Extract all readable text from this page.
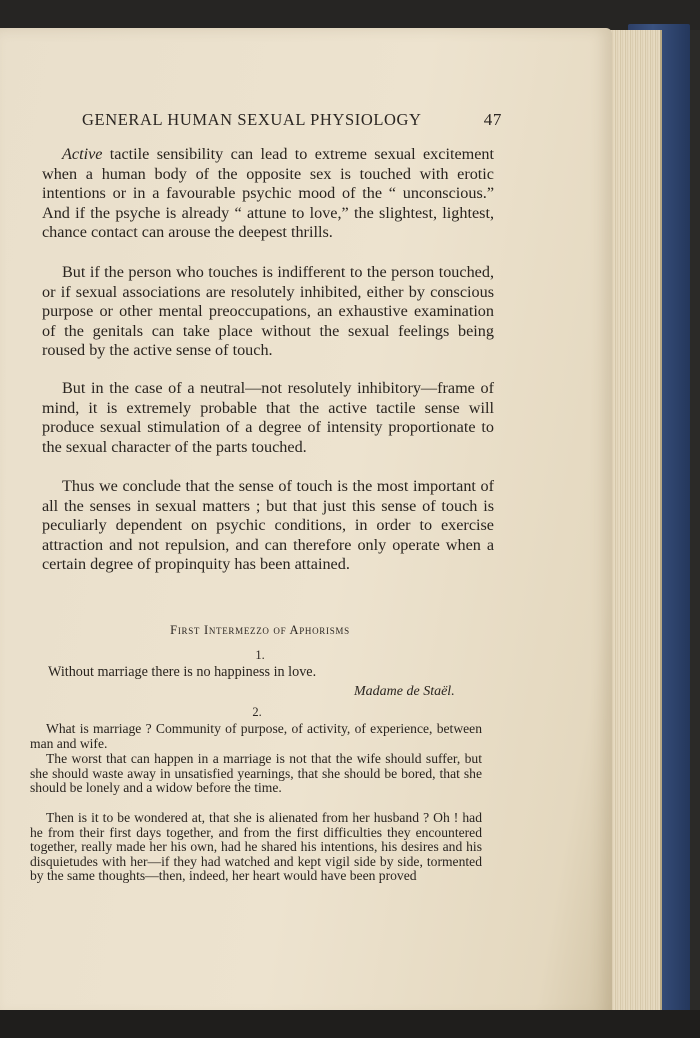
GENERAL HUMAN SEXUAL PHYSIOLOGY	47

Active tactile sensibility can lead to extreme sexual excitement when a human body of the opposite sex is touched with erotic intentions or in a favourable psychic mood of the “ unconscious.” And if the psyche is already “ attune to love,” the slightest, lightest, chance contact can arouse the deepest thrills.

But if the person who touches is indifferent to the person touched, or if sexual associations are resolutely inhibited, either by conscious purpose or other mental preoccupations, an exhaustive examination of the genitals can take place without the sexual feelings being roused by the active sense of touch.

But in the case of a neutral—not resolutely inhibitory—frame of mind, it is extremely probable that the active tactile sense will produce sexual stimulation of a degree of intensity proportionate to the sexual character of the parts touched.

Thus we conclude that the sense of touch is the most important of all the senses in sexual matters ; but that just this sense of touch is peculiarly dependent on psychic conditions, in order to exercise attraction and not repulsion, and can therefore only operate when a certain degree of propinquity has been attained.

First Intermezzo of Aphorisms
1.
Without marriage there is no happiness in love.
Madame de Staël.
2.

What is marriage ? Community of purpose, of activity, of experience, between man and wife.

The worst that can happen in a marriage is not that the wife should suffer, but she should waste away in unsatisfied yearnings, that she should be bored, that she should be lonely and a widow before the time.

Then is it to be wondered at, that she is alienated from her husband ? Oh ! had he from their first days together, and from the first difficulties they encountered together, really made her his own, had he shared his intentions, his desires and his disquietudes with her—if they had watched and kept vigil side by side, tormented by the same thoughts—then, indeed, her heart would have been proved
